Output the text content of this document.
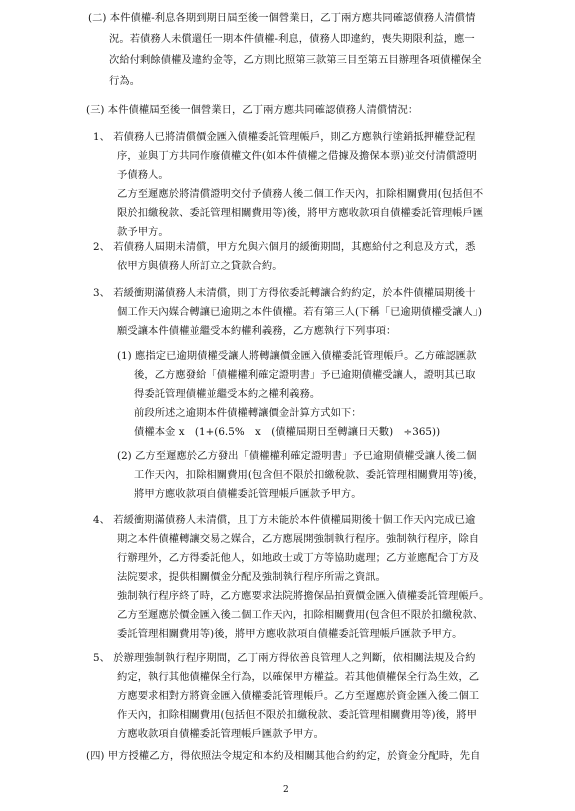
(二) 本件債權-利息各期到期日屆至後一個營業日，乙丁兩方應共同確認債務人清償情
況。若債務人未償還任一期本件債權-利息，債務人即違約，喪失期限利益，應一
次給付剩餘債權及違約金等，乙方則比照第三款第三目至第五目辦理各項債權保全
行為。
(三) 本件債權屆至後一個營業日，乙丁兩方應共同確認債務人清償情況：
1、 若債務人已將清償價金匯入債權委託管理帳戶，則乙方應執行塗銷抵押權登記程
序，並與丁方共同作廢債權文件(如本件債權之借據及擔保本票)並交付清償證明
予債務人。
乙方至遲應於將清償證明交付予債務人後二個工作天內，扣除相關費用(包括但不
限於扣繳稅款、委託管理相關費用等)後，將甲方應收款項自債權委託管理帳戶匯
款予甲方。
2、 若債務人屆期未清償，甲方允與六個月的緩衝期間，其應給付之利息及方式，悉
依甲方與債務人所訂立之貸款合約。
3、 若緩衝期滿債務人未清償，則丁方得依委託轉讓合約約定，於本件債權屆期後十
個工作天內媒合轉讓已逾期之本件債權。若有第三人(下稱「已逾期債權受讓人」)
願受讓本件債權並繼受本約權利義務，乙方應執行下列事項：
(1) 應指定已逾期債權受讓人將轉讓價金匯入債權委託管理帳戶。乙方確認匯款
後，乙方應發給「債權權利確定證明書」予已逾期債權受讓人，證明其已取
得委託管理債權並繼受本約之權利義務。
前段所述之逾期本件債權轉讓價金計算方式如下：
債權本金 x　(1+(6.5%　x　(債權屆期日至轉讓日天數)　÷365))
(2) 乙方至遲應於乙方發出「債權權利確定證明書」予已逾期債權受讓人後二個
工作天內，扣除相關費用(包含但不限於扣繳稅款、委託管理相關費用等)後，
將甲方應收款項自債權委託管理帳戶匯款予甲方。
4、 若緩衝期滿債務人未清償，且丁方未能於本件債權屆期後十個工作天內完成已逾
期之本件債權轉讓交易之媒合，乙方應展開強制執行程序。強制執行程序，除自
行辦理外，乙方得委託他人，如地政士或丁方等協助處理；乙方並應配合丁方及
法院要求，提供相關價金分配及強制執行程序所需之資訊。
強制執行程序終了時，乙方應要求法院將擔保品拍賣價金匯入債權委託管理帳戶。
乙方至遲應於價金匯入後二個工作天內，扣除相關費用(包含但不限於扣繳稅款、
委託管理相關費用等)後，將甲方應收款項自債權委託管理帳戶匯款予甲方。
5、 於辦理強制執行程序期間，乙丁兩方得依善良管理人之判斷，依相關法規及合約
約定，執行其他債權保全行為，以確保甲方權益。若其他債權保全行為生效，乙
方應要求相對方將資金匯入債權委託管理帳戶。乙方至遲應於資金匯入後二個工
作天內，扣除相關費用(包括但不限於扣繳稅款、委託管理相關費用等)後，將甲
方應收款項自債權委託管理帳戶匯款予甲方。
(四) 甲方授權乙方，得依照法令規定和本約及相關其他合約約定，於資金分配時，先自
2
